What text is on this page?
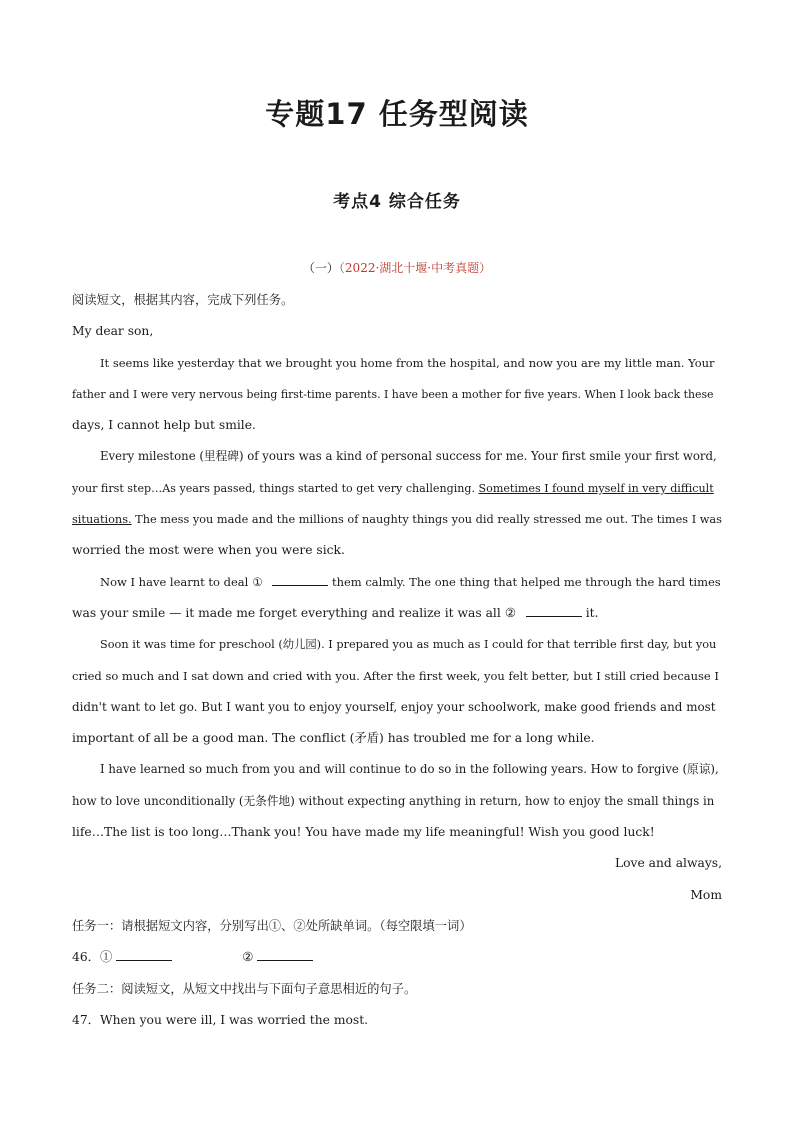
专题17 任务型阅读
考点4 综合任务
（一）（2022·湖北十堰·中考真题）
阅读短文，根据其内容，完成下列任务。
My dear son,
It seems like yesterday that we brought you home from the hospital, and now you are my little man. Your
father and I were very nervous being first-time parents. I have been a mother for five years. When I look back these
days, I cannot help but smile.
Every milestone (里程碑) of yours was a kind of personal success for me. Your first smile your first word,
your first step…As years passed, things started to get very challenging. Sometimes I found myself in very difficult
situations. The mess you made and the millions of naughty things you did really stressed me out. The times I was
worried the most were when you were sick.
Now I have learnt to deal ①	them calmly. The one thing that helped me through the hard times
was your smile — it made me forget everything and realize it was all ②	it.
Soon it was time for preschool (幼儿园). I prepared you as much as I could for that terrible first day, but you
cried so much and I sat down and cried with you. After the first week, you felt better, but I still cried because I
didn't want to let go. But I want you to enjoy yourself, enjoy your schoolwork, make good friends and most
important of all be a good man. The conflict (矛盾) has troubled me for a long while.
I have learned so much from you and will continue to do so in the following years. How to forgive (原谅),
how to love unconditionally (无条件地) without expecting anything in return, how to enjoy the small things in
life…The list is too long…Thank you! You have made my life meaningful! Wish you good luck!
Love and always,
Mom
任务一：请根据短文内容，分别写出①、②处所缺单词。（每空限填一词）
46．①	②
任务二：阅读短文，从短文中找出与下面句子意思相近的句子。
47．When you were ill, I was worried the most.
